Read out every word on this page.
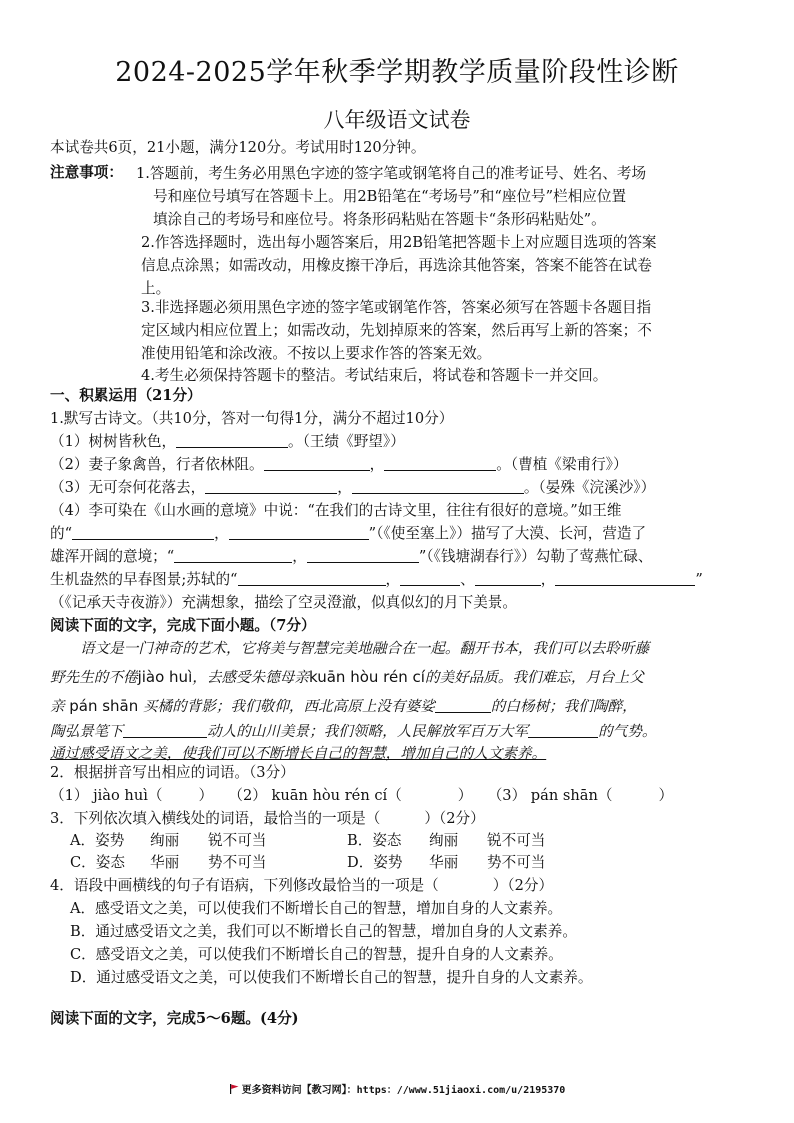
2024-2025学年秋季学期教学质量阶段性诊断
八年级语文试卷
本试卷共6页，21小题，满分120分。考试用时120分钟。
注意事项： 1.答题前，考生务必用黑色字迹的签字笔或钢笔将自己的准考证号、姓名、考场
号和座位号填写在答题卡上。用2B铅笔在“考场号”和“座位号”栏相应位置
填涂自己的考场号和座位号。将条形码粘贴在答题卡“条形码粘贴处”。
2.作答选择题时，选出每小题答案后，用2B铅笔把答题卡上对应题目选项的答案
信息点涂黑；如需改动，用橡皮擦干净后，再选涂其他答案，答案不能答在试卷
上。
3.非选择题必须用黑色字迹的签字笔或钢笔作答，答案必须写在答题卡各题目指
定区域内相应位置上；如需改动，先划掉原来的答案，然后再写上新的答案；不
准使用铅笔和涂改液。不按以上要求作答的答案无效。
4.考生必须保持答题卡的整洁。考试结束后，将试卷和答题卡一并交回。
一、积累运用（21分）
1.默写古诗文。（共10分，答对一句得1分，满分不超过10分）
（1）树树皆秋色，	。（王绩《野望》）
（2）妻子象禽兽，行者依林阻。	，	。（曹植《梁甫行》）
（3）无可奈何花落去，	，	。（晏殊《浣溪沙》）
（4）李可染在《山水画的意境》中说：“在我们的古诗文里，往往有很好的意境。”如王维
的“	，	”（《使至塞上》）描写了大漠、长河，营造了
雄浑开阔的意境；“	，	”（《钱塘湖春行》）勾勒了莺燕忙碌、
生机盎然的早春图景;苏轼的“	，	、	，	”
（《记承天寺夜游》）充满想象，描绘了空灵澄澈，似真似幻的月下美景。
阅读下面的文字，完成下面小题。（7分）
语文是一门神奇的艺术，它将美与智慧完美地融合在一起。翻开书本，我们可以去聆听藤
野先生的不倦jiào huì，去感受朱德母亲kuān hòu rén cí的美好品质。我们难忘，月台上父
亲 pán shān 买橘的背影；我们敬仰，西北高原上没有婆娑	的白杨树；我们陶醉，
陶弘景笔下	动人的山川美景；我们领略，人民解放军百万大军	的气势。
通过感受语文之美，使我们可以不断增长自己的智慧，增加自己的人文素养。
2．根据拼音写出相应的词语。（3分）
（1） jiào huì（ ） （2） kuān hòu rén cí（	） （3） pán shān（	）
3．下列依次填入横线处的词语，最恰当的一项是（	）（2分）
A．姿势 绚丽 锐不可当	B．姿态 绚丽 锐不可当
C．姿态 华丽 势不可当	D．姿势 华丽 势不可当
4．语段中画横线的句子有语病，下列修改最恰当的一项是（	）（2分）
A．感受语文之美，可以使我们不断增长自己的智慧，增加自身的人文素养。
B．通过感受语文之美，我们可以不断增长自己的智慧，增加自身的人文素养。
C．感受语文之美，可以使我们不断增长自己的智慧，提升自身的人文素养。
D．通过感受语文之美，可以使我们不断增长自己的智慧，提升自身的人文素养。
阅读下面的文字，完成5～6题。(4分)
更多资料访问【教习网】：https：//www.51jiaoxi.com/u/2195370
